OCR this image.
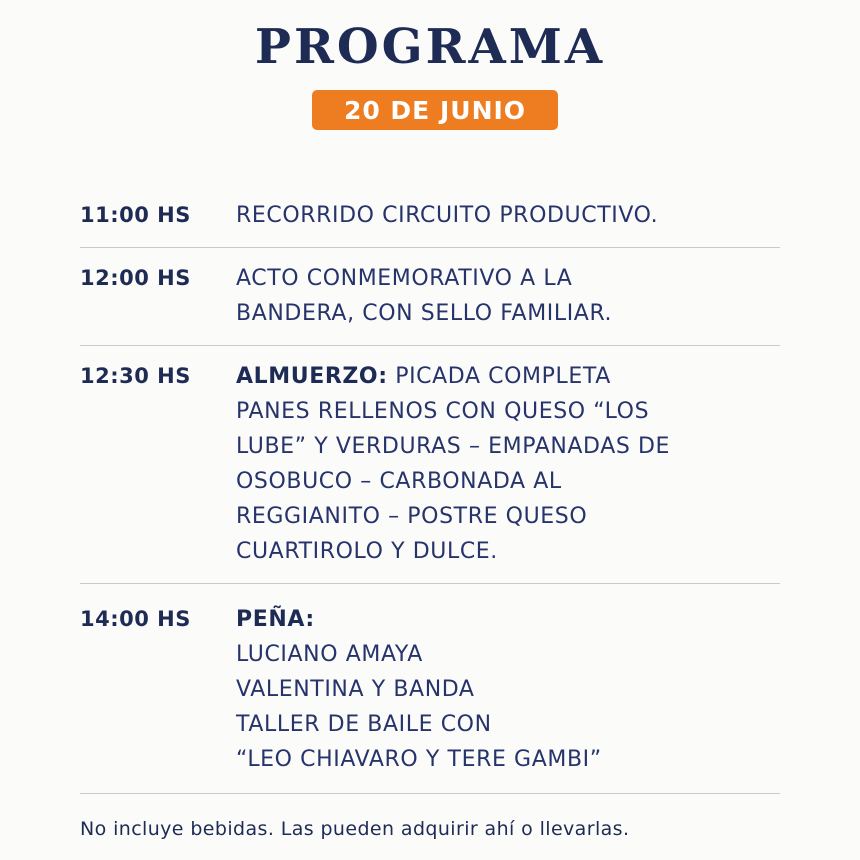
PROGRAMA
20 DE JUNIO
11:00 HS	RECORRIDO CIRCUITO PRODUCTIVO.
12:00 HS	ACTO CONMEMORATIVO A LA
BANDERA, CON SELLO FAMILIAR.
12:30 HS	ALMUERZO: PICADA COMPLETA
PANES RELLENOS CON QUESO “LOS
LUBE” Y VERDURAS – EMPANADAS DE
OSOBUCO – CARBONADA AL
REGGIANITO – POSTRE QUESO
CUARTIROLO Y DULCE.
14:00 HS	PEÑA:
LUCIANO AMAYA
VALENTINA Y BANDA
TALLER DE BAILE CON
“LEO CHIAVARO Y TERE GAMBI”
No incluye bebidas. Las pueden adquirir ahí o llevarlas.
